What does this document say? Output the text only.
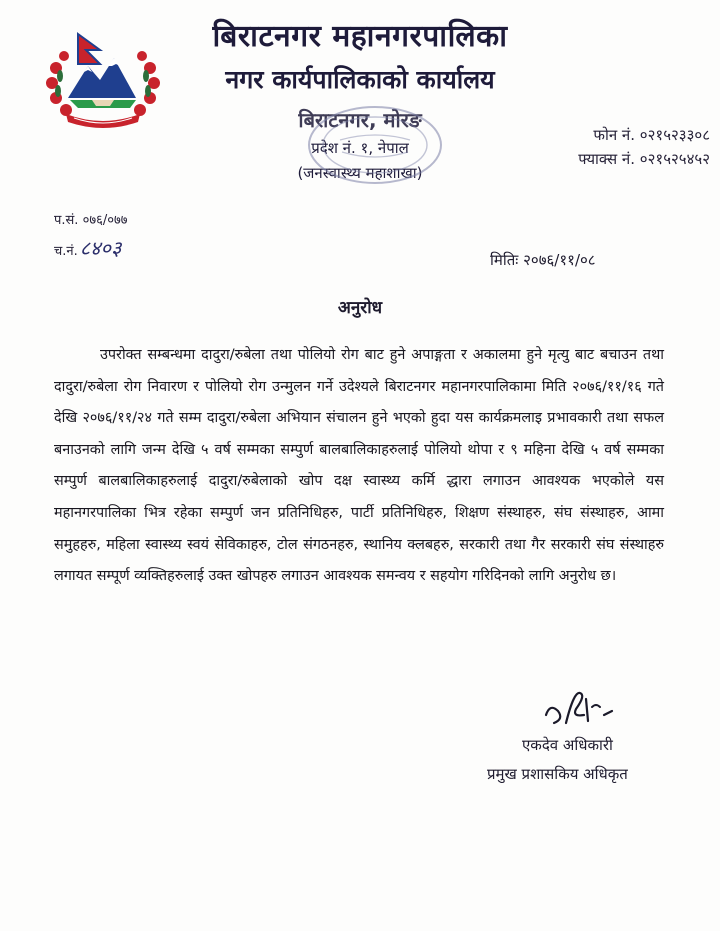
बिराटनगर महानगरपालिका
नगर कार्यपालिकाको कार्यालय
बिराटनगर, मोरङ
प्रदेश नं. १, नेपाल
(जनस्वास्थ्य महाशाखा)
फोन नं. ०२१५२३३०८
फ्याक्स नं. ०२१५२५४५२
प.सं. ०७६/०७७
च.नं. ८४०३	मितिः २०७६/११/०८
अनुरोध
उपरोक्त सम्बन्धमा दादुरा/रुबेला तथा पोलियो रोग बाट हुने अपाङ्गता र अकालमा हुने मृत्यु बाट बचाउन तथा दादुरा/रुबेला रोग निवारण र पोलियो रोग उन्मुलन गर्ने उदेश्यले बिराटनगर महानगरपालिकामा मिति २०७६/११/१६ गते देखि २०७६/११/२४ गते सम्म दादुरा/रुबेला अभियान संचालन हुने भएको हुदा यस कार्यक्रमलाइ प्रभावकारी तथा सफल बनाउनको लागि जन्म देखि ५ वर्ष सम्मका सम्पुर्ण बालबालिकाहरुलाई पोलियो थोपा र ९ महिना देखि ५ वर्ष सम्मका सम्पुर्ण बालबालिकाहरुलाई दादुरा/रुबेलाको खोप दक्ष स्वास्थ्य कर्मि द्धारा लगाउन आवश्यक भएकोले यस महानगरपालिका भित्र रहेका सम्पुर्ण जन प्रतिनिधिहरु, पार्टी प्रतिनिधिहरु, शिक्षण संस्थाहरु, संघ संस्थाहरु, आमा समुहहरु, महिला स्वास्थ्य स्वयं सेविकाहरु, टोल संगठनहरु, स्थानिय क्लबहरु, सरकारी तथा गैर सरकारी संघ संस्थाहरु लगायत सम्पूर्ण व्यक्तिहरुलाई उक्त खोपहरु लगाउन आवश्यक समन्वय र सहयोग गरिदिनको लागि अनुरोध छ।
एकदेव अधिकारी
प्रमुख प्रशासकिय अधिकृत
